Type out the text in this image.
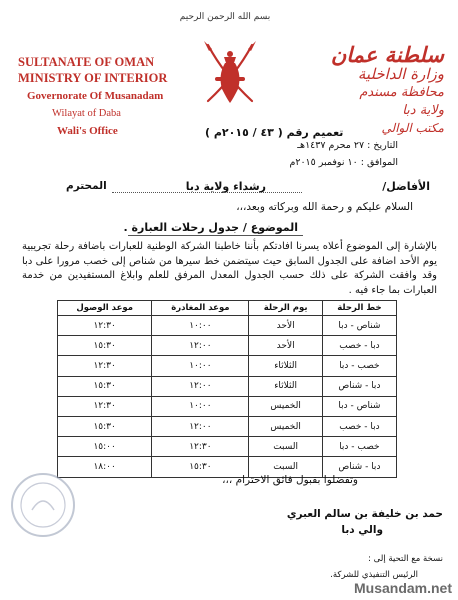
بسم الله الرحمن الرحيم
SULTANATE OF OMAN
MINISTRY OF INTERIOR
Governorate Of Musanadam
Wilayat of Daba
Wali's Office
سلطنة عمان
وزارة الداخلية
محافظة مسندم
ولاية دبا
مكتب الوالي
تعميم رقم ( ٤٣ / ٢٠١٥م )
التاريخ : ٢٧ محرم ١٤٣٧هـ
الموافق : ١٠ نوفمبر ٢٠١٥م
الأفاضل/
رشداء ولاية دبا
المحترم
السلام عليكم و رحمة الله وبركاته وبعد،،،
الموضوع / جدول رحلات العبارة .
بالإشارة إلى الموضوع أعلاه يسرنا افادتكم بأننا خاطبنا الشركة الوطنية للعبارات باضافة رحلة تجريبية يوم الأحد اضافة على الجدول السابق حيث سيتضمن خط سيرها من شناص إلى خصب مرورا على دبا وقد وافقت الشركة على ذلك حسب الجدول المعدل المرفق للعلم وابلاغ المستفيدين من خدمة العبارات بما جاء فيه .
خط الرحلة	يوم الرحلة	موعد المغادرة	موعد الوصول
شناص - دبا	الأحد	١٠:٠٠	١٢:٣٠
دبا - خصب	الأحد	١٢:٠٠	١٥:٣٠
خصب - دبا	الثلاثاء	١٠:٠٠	١٢:٣٠
دبا - شناص	الثلاثاء	١٢:٠٠	١٥:٣٠
شناص - دبا	الخميس	١٠:٠٠	١٢:٣٠
دبا - خصب	الخميس	١٢:٠٠	١٥:٣٠
خصب - دبا	السبت	١٢:٣٠	١٥:٠٠
دبا - شناص	السبت	١٥:٣٠	١٨:٠٠
وتفضلوا بقبول فائق الاحترام ،،،
حمد بن خليفة بن سالم العبري
والي دبا
نسخة مع التحية إلى :
الرئيس التنفيذي للشركة.
Musandam.net
